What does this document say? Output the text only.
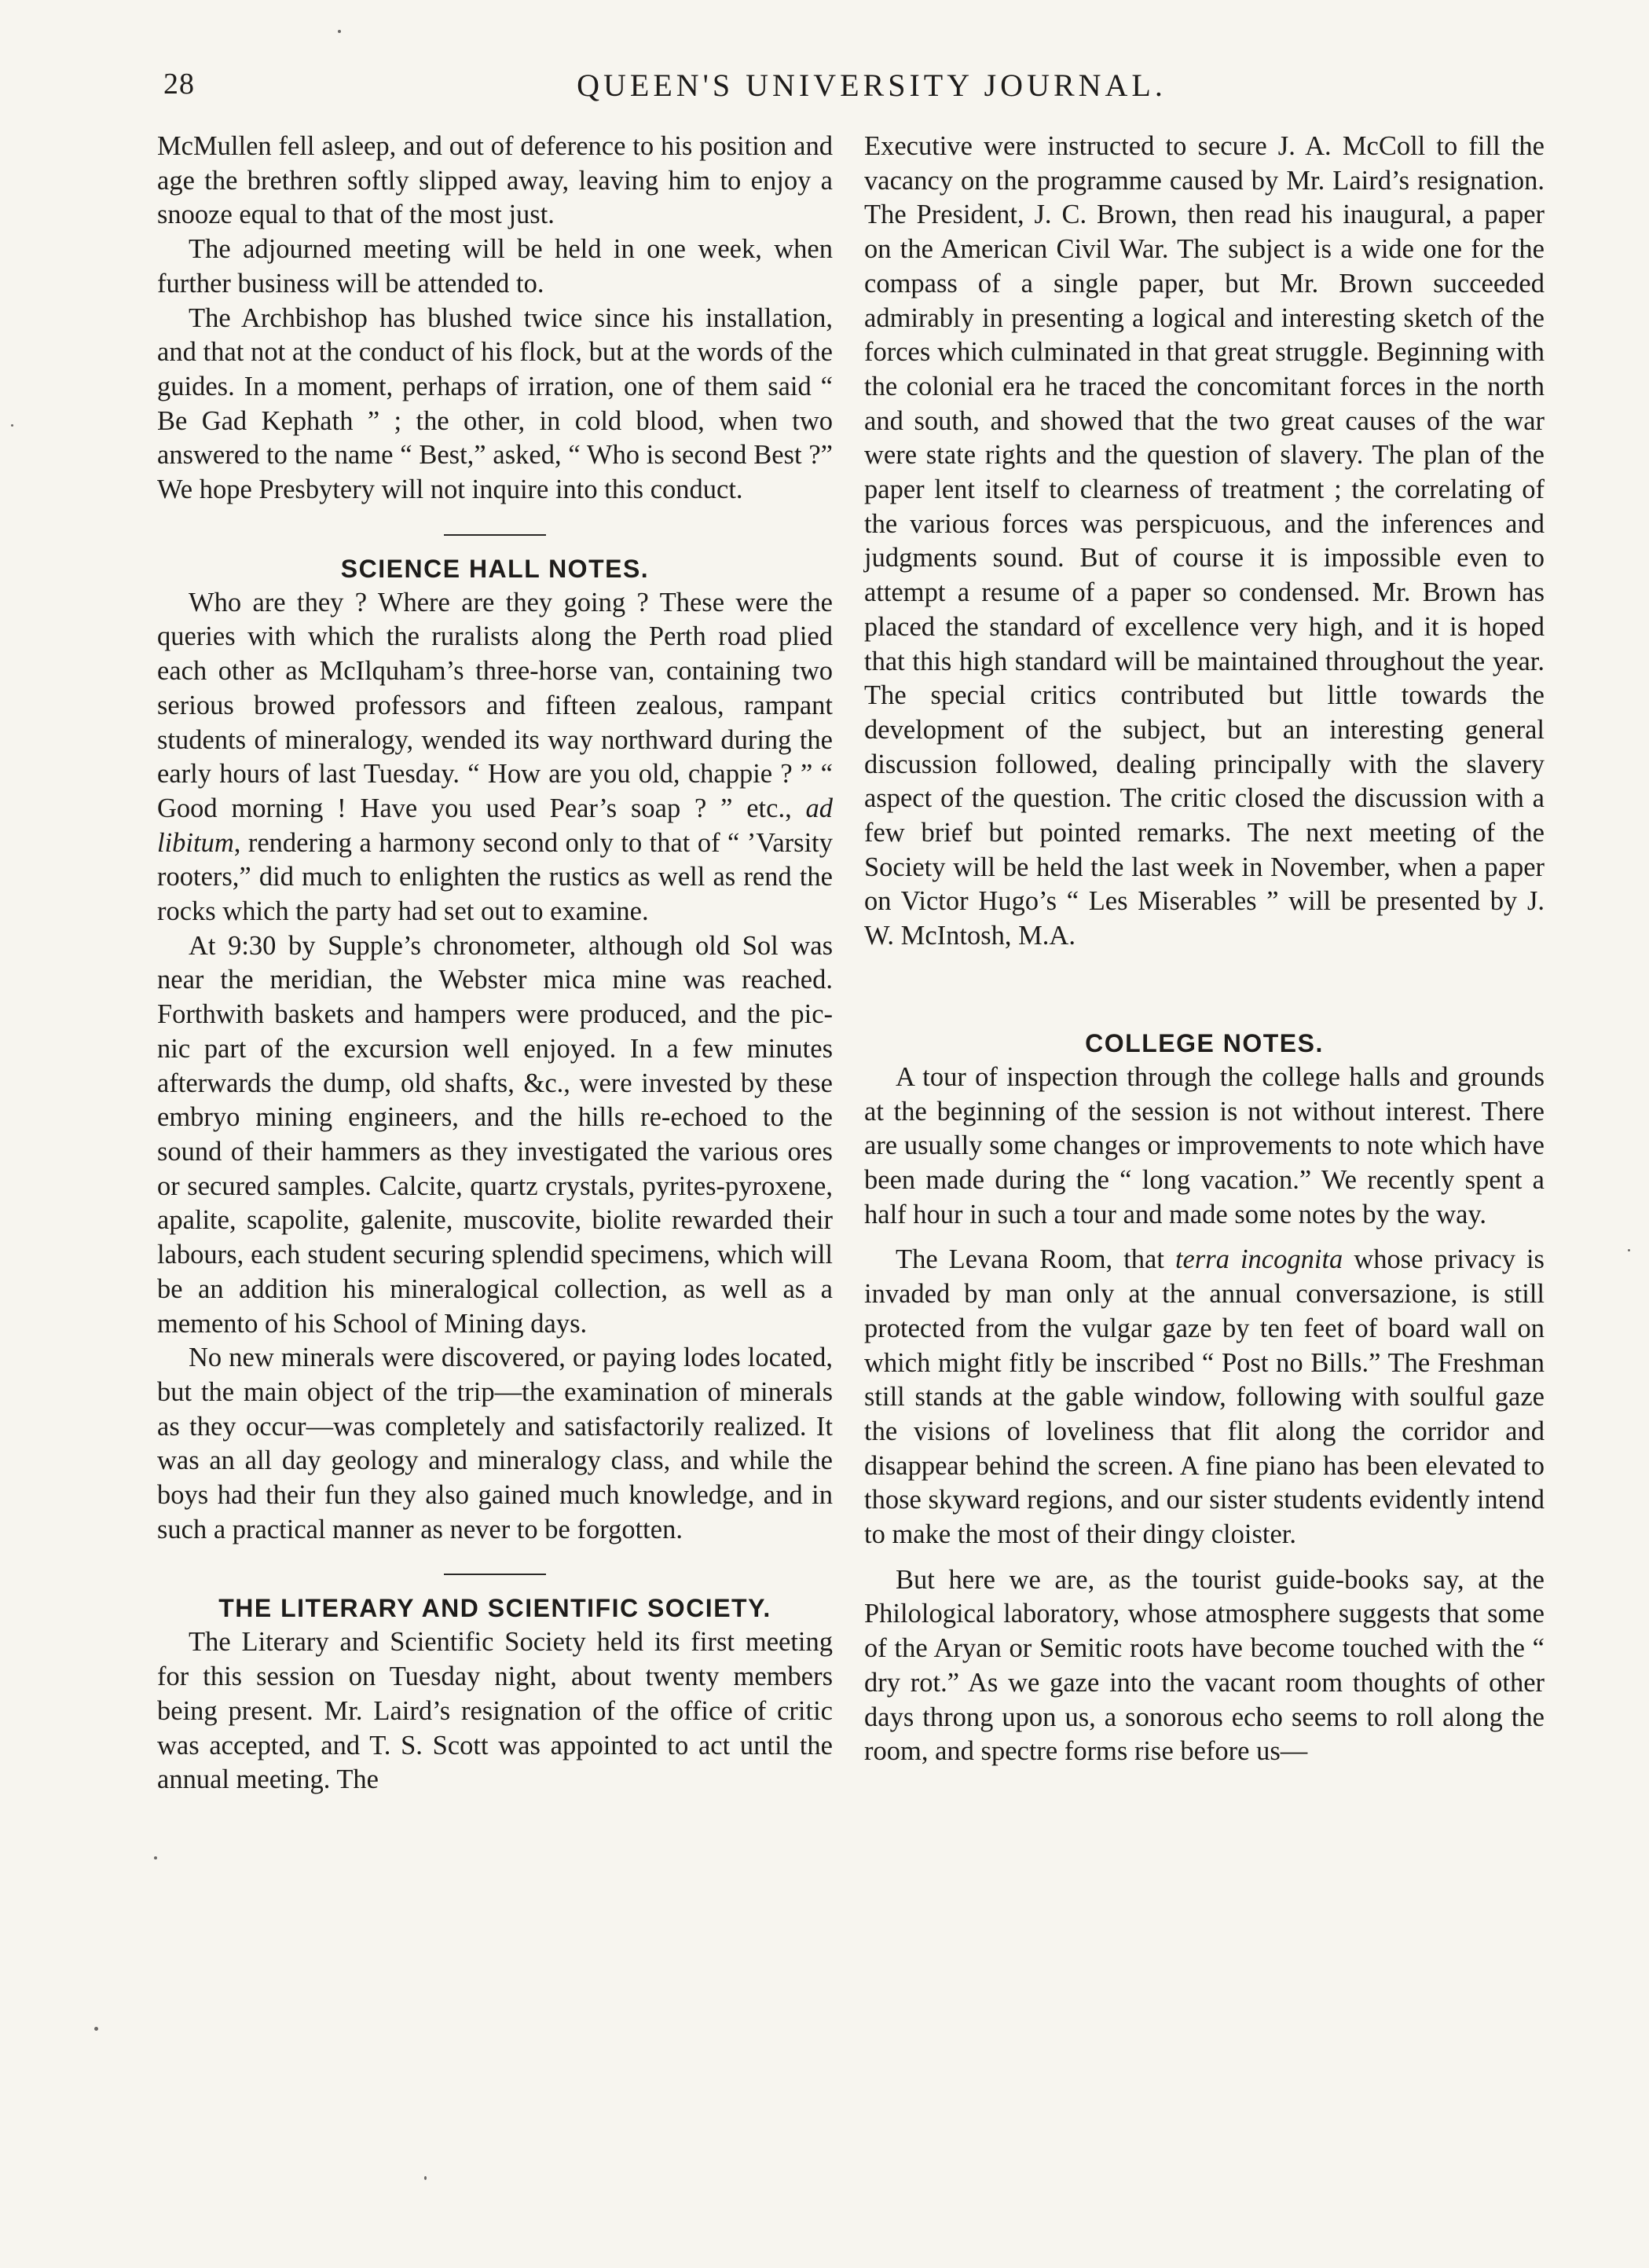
28	QUEEN'S UNIVERSITY JOURNAL.

McMullen fell asleep, and out of deference to his position and age the brethren softly slipped away, leaving him to enjoy a snooze equal to that of the most just.

The adjourned meeting will be held in one week, when further business will be attended to.

The Archbishop has blushed twice since his installation, and that not at the conduct of his flock, but at the words of the guides. In a moment, perhaps of irration, one of them said “ Be Gad Kephath ” ; the other, in cold blood, when two answered to the name “ Best,” asked, “ Who is second Best ?” We hope Presbytery will not inquire into this conduct.

SCIENCE HALL NOTES.

Who are they ? Where are they going ? These were the queries with which the ruralists along the Perth road plied each other as McIlquham’s three-horse van, containing two serious browed professors and fifteen zealous, rampant students of mineralogy, wended its way northward during the early hours of last Tuesday. “ How are you old, chappie ? ” “ Good morning ! Have you used Pear’s soap ? ” etc., ad libitum, rendering a harmony second only to that of “ ’Varsity rooters,” did much to enlighten the rustics as well as rend the rocks which the party had set out to examine.

At 9:30 by Supple’s chronometer, although old Sol was near the meridian, the Webster mica mine was reached. Forthwith baskets and hampers were produced, and the pic-nic part of the excursion well enjoyed. In a few minutes afterwards the dump, old shafts, &c., were invested by these embryo mining engineers, and the hills re-echoed to the sound of their hammers as they investigated the various ores or secured samples. Calcite, quartz crystals, pyrites-pyroxene, apalite, scapolite, galenite, muscovite, biolite rewarded their labours, each student securing splendid specimens, which will be an addition his mineralogical collection, as well as a memento of his School of Mining days.

No new minerals were discovered, or paying lodes located, but the main object of the trip—the examination of minerals as they occur—was completely and satisfactorily realized. It was an all day geology and mineralogy class, and while the boys had their fun they also gained much knowledge, and in such a practical manner as never to be forgotten.

THE LITERARY AND SCIENTIFIC SOCIETY.

The Literary and Scientific Society held its first meeting for this session on Tuesday night, about twenty members being present. Mr. Laird’s resignation of the office of critic was accepted, and T. S. Scott was appointed to act until the annual meeting. The

Executive were instructed to secure J. A. McColl to fill the vacancy on the programme caused by Mr. Laird’s resignation. The President, J. C. Brown, then read his inaugural, a paper on the American Civil War. The subject is a wide one for the compass of a single paper, but Mr. Brown succeeded admirably in presenting a logical and interesting sketch of the forces which culminated in that great struggle. Beginning with the colonial era he traced the concomitant forces in the north and south, and showed that the two great causes of the war were state rights and the question of slavery. The plan of the paper lent itself to clearness of treatment ; the correlating of the various forces was perspicuous, and the inferences and judgments sound. But of course it is impossible even to attempt a resume of a paper so condensed. Mr. Brown has placed the standard of excellence very high, and it is hoped that this high standard will be maintained throughout the year. The special critics contributed but little towards the development of the subject, but an interesting general discussion followed, dealing principally with the slavery aspect of the question. The critic closed the discussion with a few brief but pointed remarks. The next meeting of the Society will be held the last week in November, when a paper on Victor Hugo’s “ Les Miserables ” will be presented by J. W. McIntosh, M.A.

COLLEGE NOTES.

A tour of inspection through the college halls and grounds at the beginning of the session is not without interest. There are usually some changes or improvements to note which have been made during the “ long vacation.” We recently spent a half hour in such a tour and made some notes by the way.

The Levana Room, that terra incognita whose privacy is invaded by man only at the annual conversazione, is still protected from the vulgar gaze by ten feet of board wall on which might fitly be inscribed “ Post no Bills.” The Freshman still stands at the gable window, following with soulful gaze the visions of loveliness that flit along the corridor and disappear behind the screen. A fine piano has been elevated to those skyward regions, and our sister students evidently intend to make the most of their dingy cloister.

But here we are, as the tourist guide-books say, at the Philological laboratory, whose atmosphere suggests that some of the Aryan or Semitic roots have become touched with the “ dry rot.” As we gaze into the vacant room thoughts of other days throng upon us, a sonorous echo seems to roll along the room, and spectre forms rise before us—
